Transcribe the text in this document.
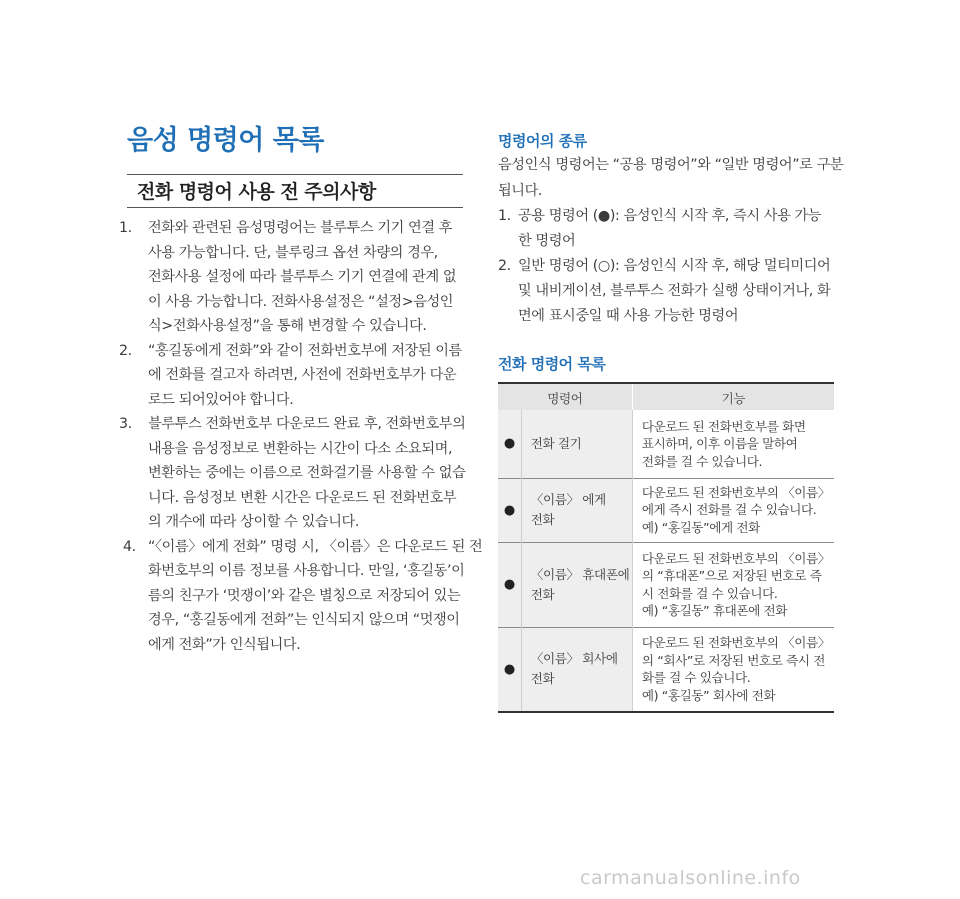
음성 명령어 목록
전화 명령어 사용 전 주의사항
1. 전화와 관련된 음성명령어는 블루투스 기기 연결 후
사용 가능합니다. 단, 블루링크 옵션 차량의 경우,
전화사용 설정에 따라 블루투스 기기 연결에 관계 없
이 사용 가능합니다. 전화사용설정은 “설정>음성인
식>전화사용설정”을 통해 변경할 수 있습니다.
2. “홍길동에게 전화”와 같이 전화번호부에 저장된 이름
에 전화를 걸고자 하려면, 사전에 전화번호부가 다운
로드 되어있어야 합니다.
3. 블루투스 전화번호부 다운로드 완료 후, 전화번호부의
내용을 음성정보로 변환하는 시간이 다소 소요되며,
변환하는 중에는 이름으로 전화걸기를 사용할 수 없습
니다. 음성정보 변환 시간은 다운로드 된 전화번호부
의 개수에 따라 상이할 수 있습니다.
4. “〈이름〉에게 전화” 명령 시, 〈이름〉은 다운로드 된 전
화번호부의 이름 정보를 사용합니다. 만일, ‘홍길동’이
름의 친구가 ‘멋쟁이’와 같은 별칭으로 저장되어 있는
경우, “홍길동에게 전화”는 인식되지 않으며 “멋쟁이
에게 전화”가 인식됩니다.
명령어의 종류
음성인식 명령어는 “공용 명령어”와 “일반 명령어”로 구분
됩니다.
1. 공용 명령어 (●): 음성인식 시작 후, 즉시 사용 가능
한 명령어
2. 일반 명령어 (○): 음성인식 시작 후, 해당 멀티미디어
및 내비게이션, 블루투스 전화가 실행 상태이거나, 화
면에 표시중일 때 사용 가능한 명령어
전화 명령어 목록
명령어		기능
●	전화 걸기	다운로드 된 전화번호부를 화면
표시하며, 이후 이름을 말하여
전화를 걸 수 있습니다.

●	〈이름〉 에게
전화	다운로드 된 전화번호부의 〈이름〉
에게 즉시 전화를 걸 수 있습니다.
예) “홍길동”에게 전화

●	〈이름〉 휴대폰에
전화	다운로드 된 전화번호부의 〈이름〉
의 “휴대폰”으로 저장된 번호로 즉
시 전화를 걸 수 있습니다.
예) “홍길동” 휴대폰에 전화

●	〈이름〉 회사에
전화	다운로드 된 전화번호부의 〈이름〉
의 “회사”로 저장된 번호로 즉시 전
화를 걸 수 있습니다.
예) “홍길동” 회사에 전화
carmanualsonline.info
